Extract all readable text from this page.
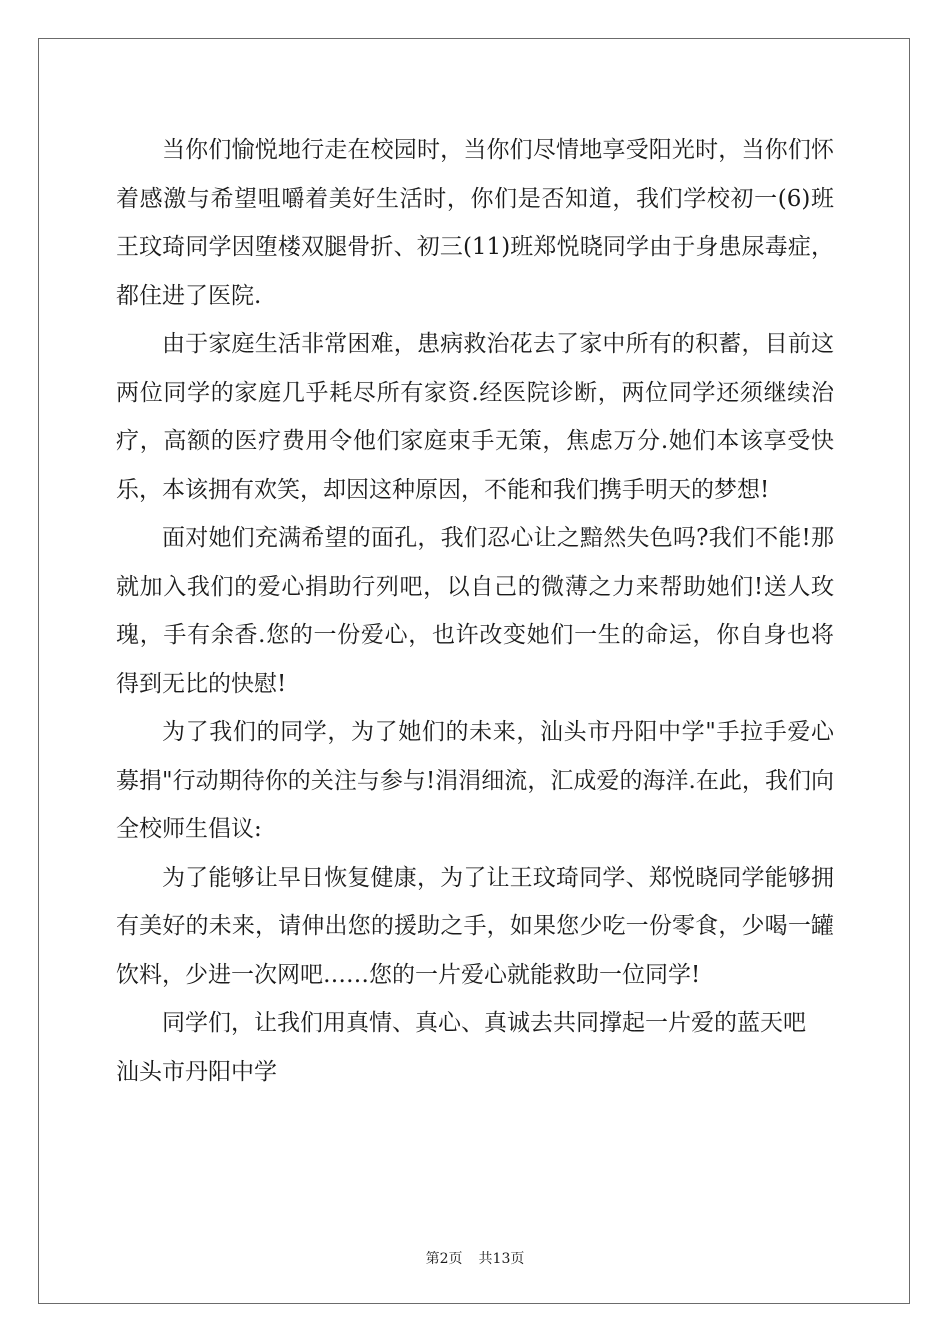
当你们愉悦地行走在校园时，当你们尽情地享受阳光时，当你们怀着感激与希望咀嚼着美好生活时，你们是否知道，我们学校初一(6)班王玟琦同学因堕楼双腿骨折、初三(11)班郑悦晓同学由于身患尿毒症，都住进了医院.

由于家庭生活非常困难，患病救治花去了家中所有的积蓄，目前这两位同学的家庭几乎耗尽所有家资.经医院诊断，两位同学还须继续治疗，高额的医疗费用令他们家庭束手无策，焦虑万分.她们本该享受快乐，本该拥有欢笑，却因这种原因，不能和我们携手明天的梦想!

面对她们充满希望的面孔，我们忍心让之黯然失色吗?我们不能!那就加入我们的爱心捐助行列吧，以自己的微薄之力来帮助她们!送人玫瑰，手有余香.您的一份爱心，也许改变她们一生的命运，你自身也将得到无比的快慰!

为了我们的同学，为了她们的未来，汕头市丹阳中学"手拉手爱心募捐"行动期待你的关注与参与!涓涓细流，汇成爱的海洋.在此，我们向全校师生倡议:

为了能够让早日恢复健康，为了让王玟琦同学、郑悦晓同学能够拥有美好的未来，请伸出您的援助之手，如果您少吃一份零食，少喝一罐饮料，少进一次网吧……您的一片爱心就能救助一位同学!

同学们，让我们用真情、真心、真诚去共同撑起一片爱的蓝天吧

汕头市丹阳中学

第2页 共13页
